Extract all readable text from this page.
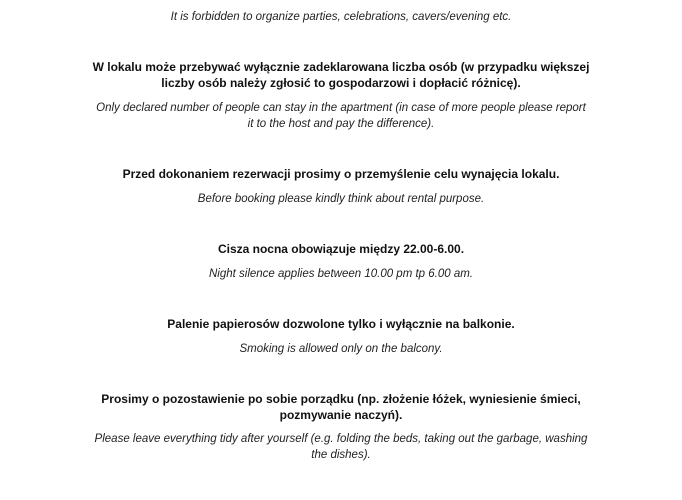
It is forbidden to organize parties, celebrations, cavers/evening etc.
W lokalu może przebywać wyłącznie zadeklarowana liczba osób (w przypadku większej
liczby osób należy zgłosić to gospodarzowi i dopłacić różnicę).
Only declared number of people can stay in the apartment (in case of more people please report
it to the host and pay the difference).
Przed dokonaniem rezerwacji prosimy o przemyślenie celu wynajęcia lokalu.
Before booking please kindly think about rental purpose.
Cisza nocna obowiązuje między 22.00-6.00.
Night silence applies between 10.00 pm tp 6.00 am.
Palenie papierosów dozwolone tylko i wyłącznie na balkonie.
Smoking is allowed only on the balcony.
Prosimy o pozostawienie po sobie porządku (np. złożenie łóżek, wyniesienie śmieci,
pozmywanie naczyń).
Please leave everything tidy after yourself (e.g. folding the beds, taking out the garbage, washing
the dishes).
